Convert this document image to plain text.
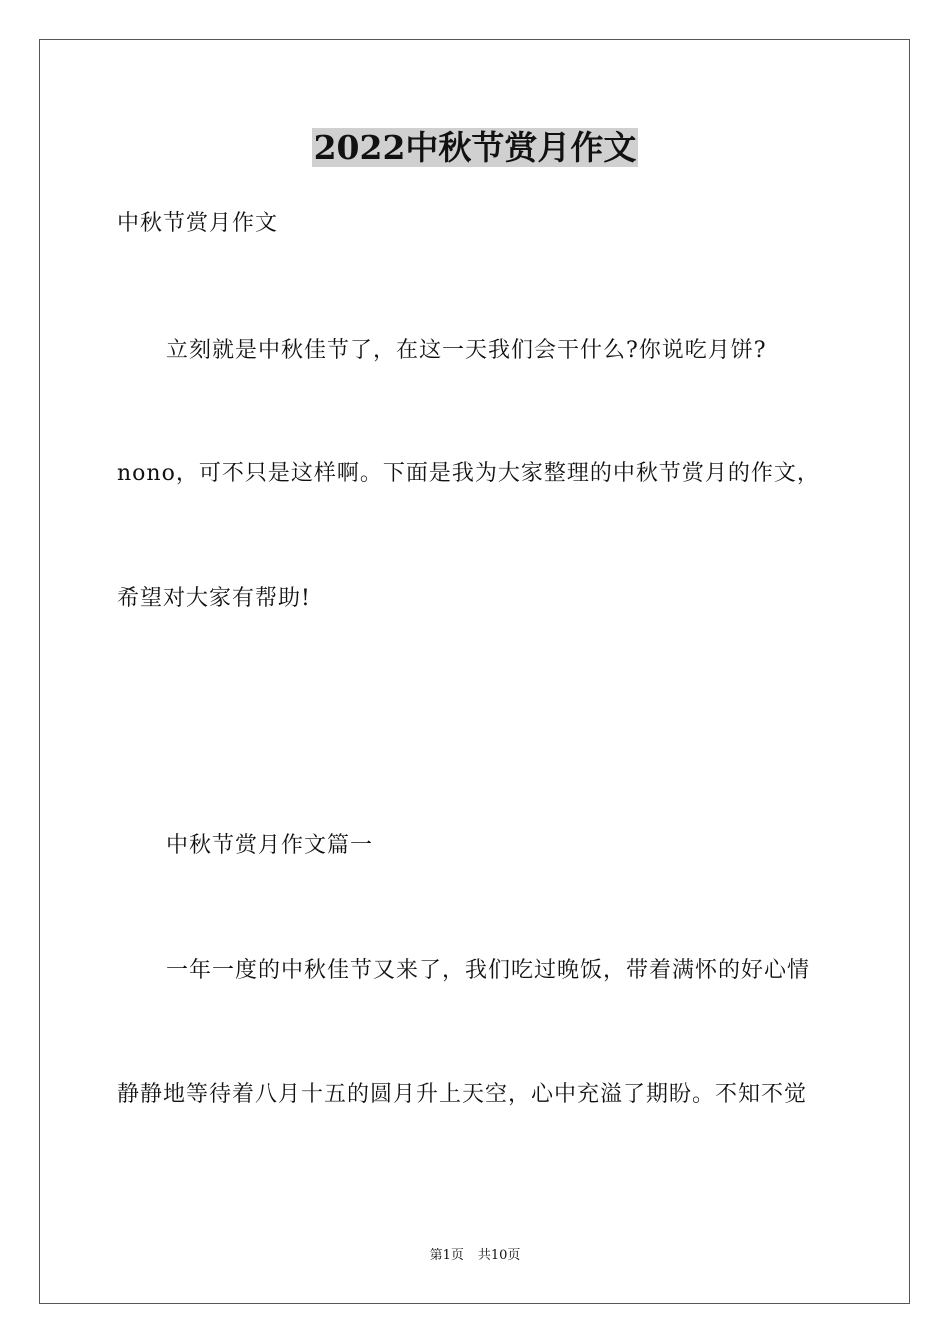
2022中秋节赏月作文
中秋节赏月作文
立刻就是中秋佳节了，在这一天我们会干什么?你说吃月饼?
nono，可不只是这样啊。下面是我为大家整理的中秋节赏月的作文，
希望对大家有帮助!
中秋节赏月作文篇一
一年一度的中秋佳节又来了，我们吃过晚饭，带着满怀的好心情
静静地等待着八月十五的圆月升上天空，心中充溢了期盼。不知不觉
第1页 共10页
